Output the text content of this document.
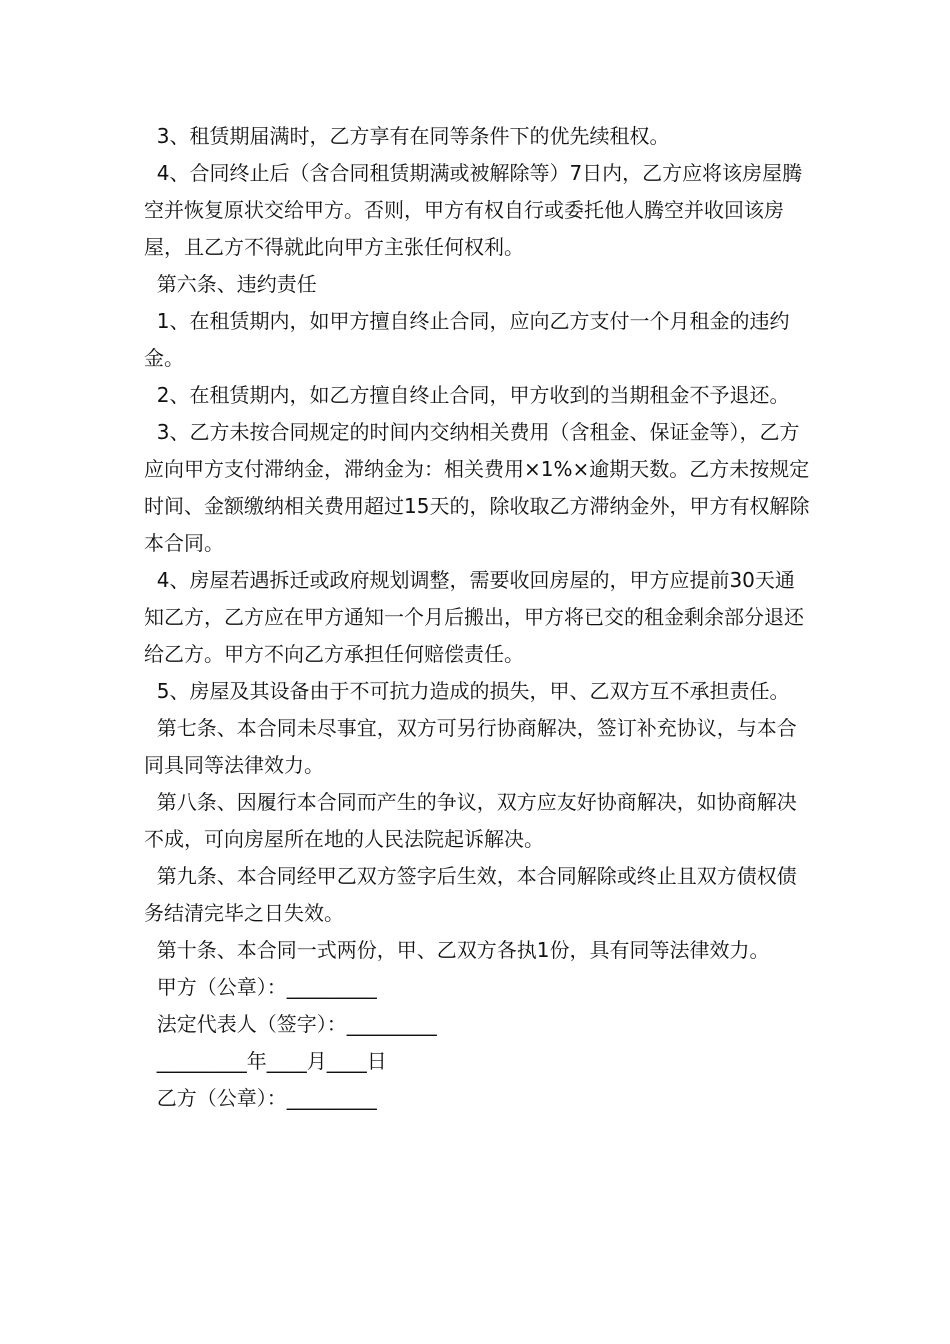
3、租赁期届满时，乙方享有在同等条件下的优先续租权。

4、合同终止后（含合同租赁期满或被解除等）7日内，乙方应将该房屋腾空并恢复原状交给甲方。否则，甲方有权自行或委托他人腾空并收回该房屋，且乙方不得就此向甲方主张任何权利。

第六条、违约责任

1、在租赁期内，如甲方擅自终止合同，应向乙方支付一个月租金的违约金。

2、在租赁期内，如乙方擅自终止合同，甲方收到的当期租金不予退还。

3、乙方未按合同规定的时间内交纳相关费用（含租金、保证金等），乙方应向甲方支付滞纳金，滞纳金为：相关费用×1%×逾期天数。乙方未按规定时间、金额缴纳相关费用超过15天的，除收取乙方滞纳金外，甲方有权解除本合同。

4、房屋若遇拆迁或政府规划调整，需要收回房屋的，甲方应提前30天通知乙方，乙方应在甲方通知一个月后搬出，甲方将已交的租金剩余部分退还给乙方。甲方不向乙方承担任何赔偿责任。

5、房屋及其设备由于不可抗力造成的损失，甲、乙双方互不承担责任。

第七条、本合同未尽事宜，双方可另行协商解决，签订补充协议，与本合同具同等法律效力。

第八条、因履行本合同而产生的争议，双方应友好协商解决，如协商解决不成，可向房屋所在地的人民法院起诉解决。

第九条、本合同经甲乙双方签字后生效，本合同解除或终止且双方债权债务结清完毕之日失效。

第十条、本合同一式两份，甲、乙双方各执1份，具有同等法律效力。

甲方（公章）：_________

法定代表人（签字）：_________

_________年____月____日

乙方（公章）：_________
